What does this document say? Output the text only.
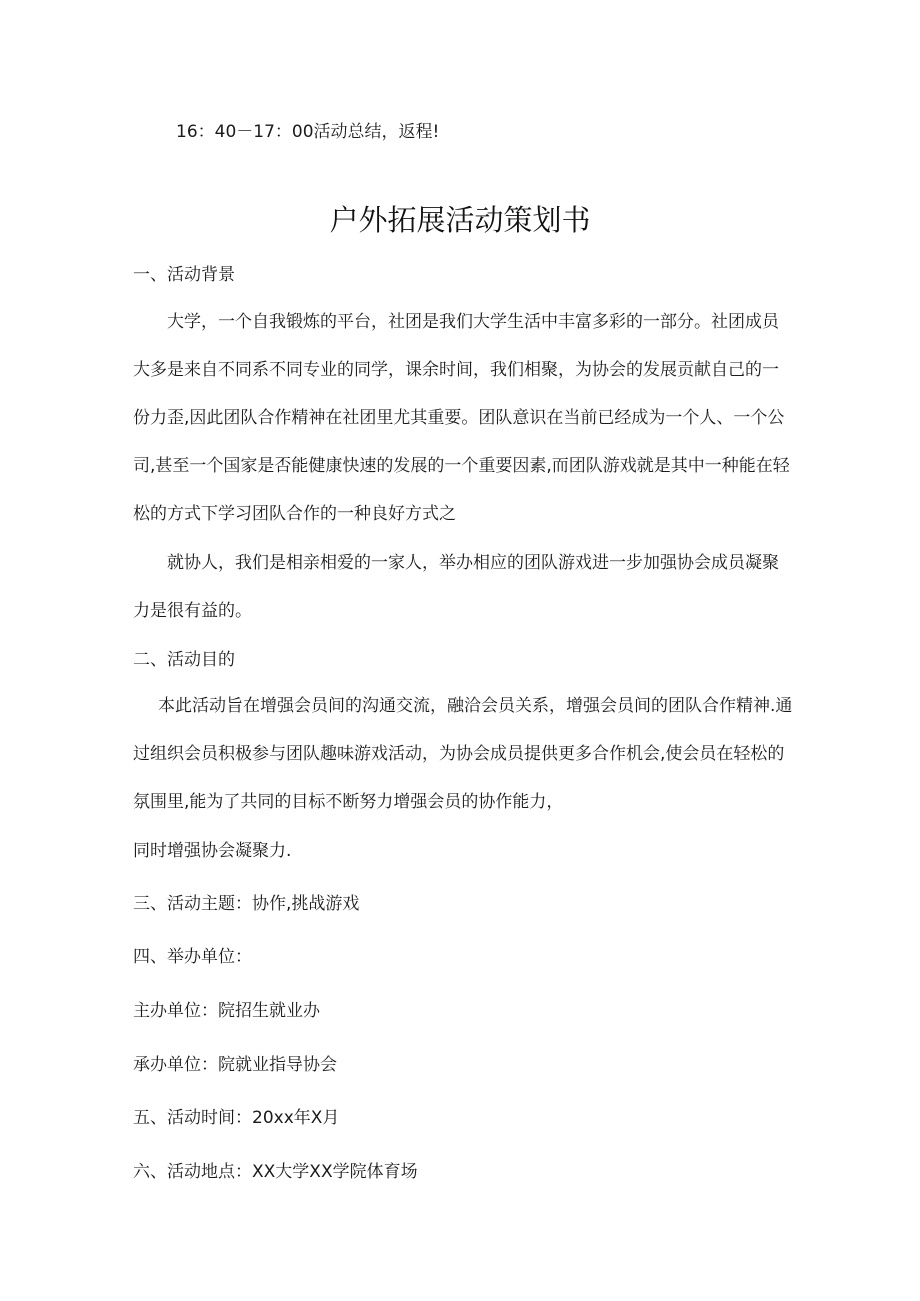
16：40－17：00活动总结，返程!
户外拓展活动策划书
一、活动背景
大学，一个自我锻炼的平台，社团是我们大学生活中丰富多彩的一部分。社团成员大多是来自不同系不同专业的同学，课余时间，我们相聚，为协会的发展贡献自己的一份力歪,因此团队合作精神在社团里尤其重要。团队意识在当前已经成为一个人、一个公司,甚至一个国家是否能健康快速的发展的一个重要因素,而团队游戏就是其中一种能在轻松的方式下学习团队合作的一种良好方式之
就协人，我们是相亲相爱的一家人，举办相应的团队游戏进一步加强协会成员凝聚力是很有益的。
二、活动目的
本此活动旨在增强会员间的沟通交流，融洽会员关系，增强会员间的团队合作精神.通过组织会员积极参与团队趣味游戏活动，为协会成员提供更多合作机会,使会员在轻松的氛围里,能为了共同的目标不断努力增强会员的协作能力，
同时增强协会凝聚力.
三、活动主题：协作,挑战游戏
四、举办单位：
主办单位：院招生就业办
承办单位：院就业指导协会
五、活动时间：20xx年X月
六、活动地点：XX大学XX学院体育场
